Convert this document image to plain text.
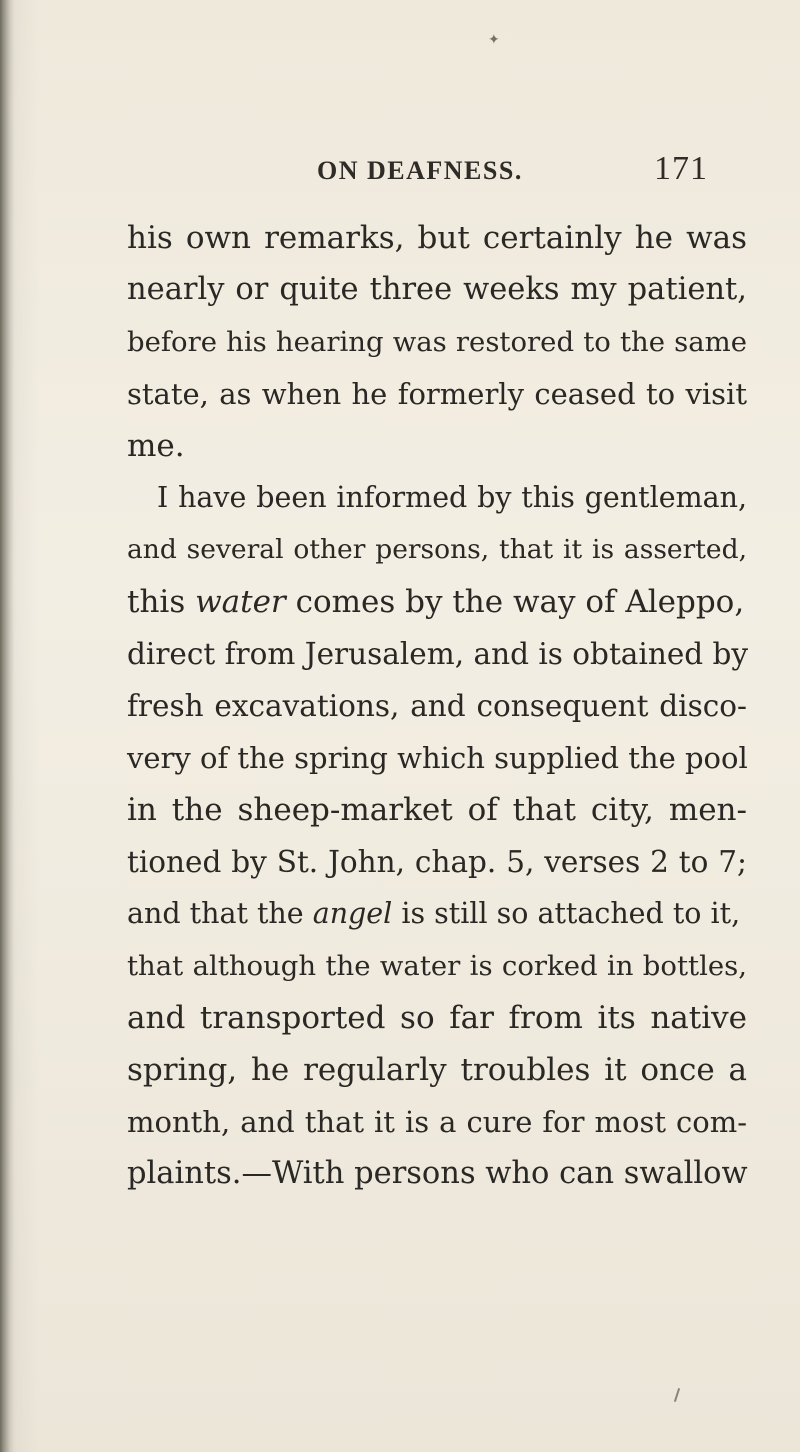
✦
ON DEAFNESS.	171
his own remarks, but certainly he was
nearly or quite three weeks my patient,
before his hearing was restored to the same
state, as when he formerly ceased to visit
me.
I have been informed by this gentleman,
and several other persons, that it is asserted,
this water comes by the way of Aleppo,
direct from Jerusalem, and is obtained by
fresh excavations, and consequent disco-
very of the spring which supplied the pool
in the sheep-market of that city, men-
tioned by St. John, chap. 5, verses 2 to 7;
and that the angel is still so attached to it,
that although the water is corked in bottles,
and transported so far from its native
spring, he regularly troubles it once a
month, and that it is a cure for most com-
plaints.—With persons who can swallow
